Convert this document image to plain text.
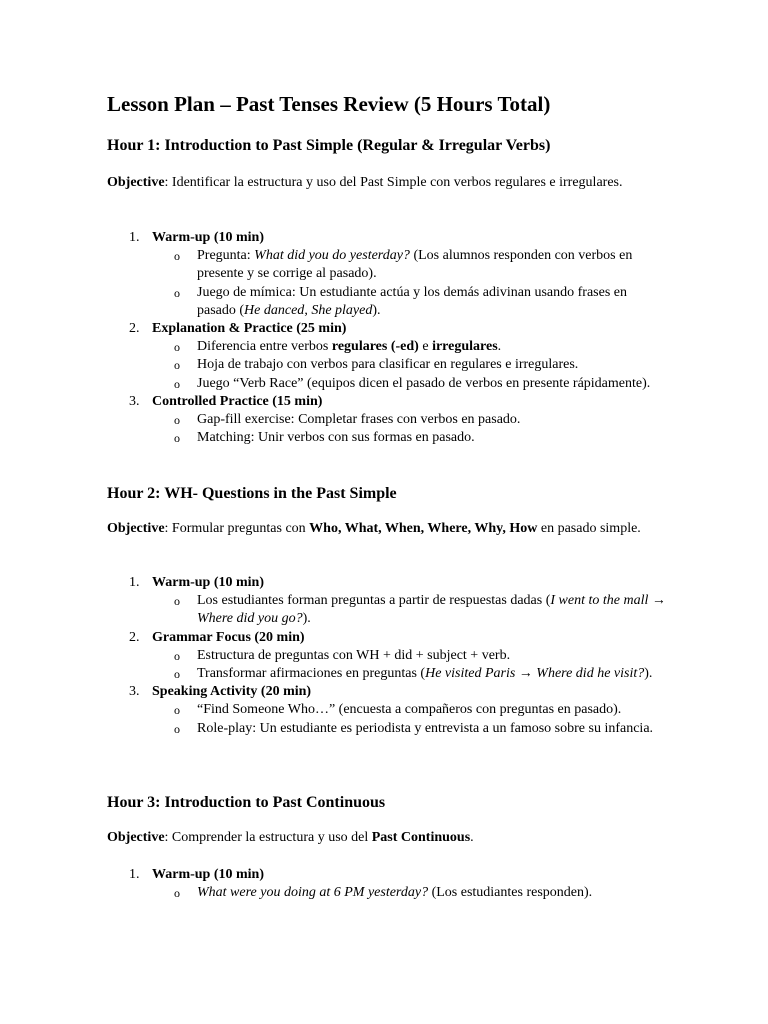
Lesson Plan – Past Tenses Review (5 Hours Total)
Hour 1: Introduction to Past Simple (Regular & Irregular Verbs)

Objective: Identificar la estructura y uso del Past Simple con verbos regulares e irregulares.

1. Warm-up (10 min)
o Pregunta: What did you do yesterday? (Los alumnos responden con verbos en presente y se corrige al pasado).
o Juego de mímica: Un estudiante actúa y los demás adivinan usando frases en pasado (He danced, She played).
2. Explanation & Practice (25 min)
o Diferencia entre verbos regulares (-ed) e irregulares.
o Hoja de trabajo con verbos para clasificar en regulares e irregulares.
o Juego “Verb Race” (equipos dicen el pasado de verbos en presente rápidamente).
3. Controlled Practice (15 min)
o Gap-fill exercise: Completar frases con verbos en pasado.
o Matching: Unir verbos con sus formas en pasado.
Hour 2: WH- Questions in the Past Simple

Objective: Formular preguntas con Who, What, When, Where, Why, How en pasado simple.

1. Warm-up (10 min)
o Los estudiantes forman preguntas a partir de respuestas dadas (I went to the mall → Where did you go?).
2. Grammar Focus (20 min)
o Estructura de preguntas con WH + did + subject + verb.
o Transformar afirmaciones en preguntas (He visited Paris → Where did he visit?).
3. Speaking Activity (20 min)
o “Find Someone Who…” (encuesta a compañeros con preguntas en pasado).
o Role-play: Un estudiante es periodista y entrevista a un famoso sobre su infancia.
Hour 3: Introduction to Past Continuous

Objective: Comprender la estructura y uso del Past Continuous.

1. Warm-up (10 min)
o What were you doing at 6 PM yesterday? (Los estudiantes responden).
